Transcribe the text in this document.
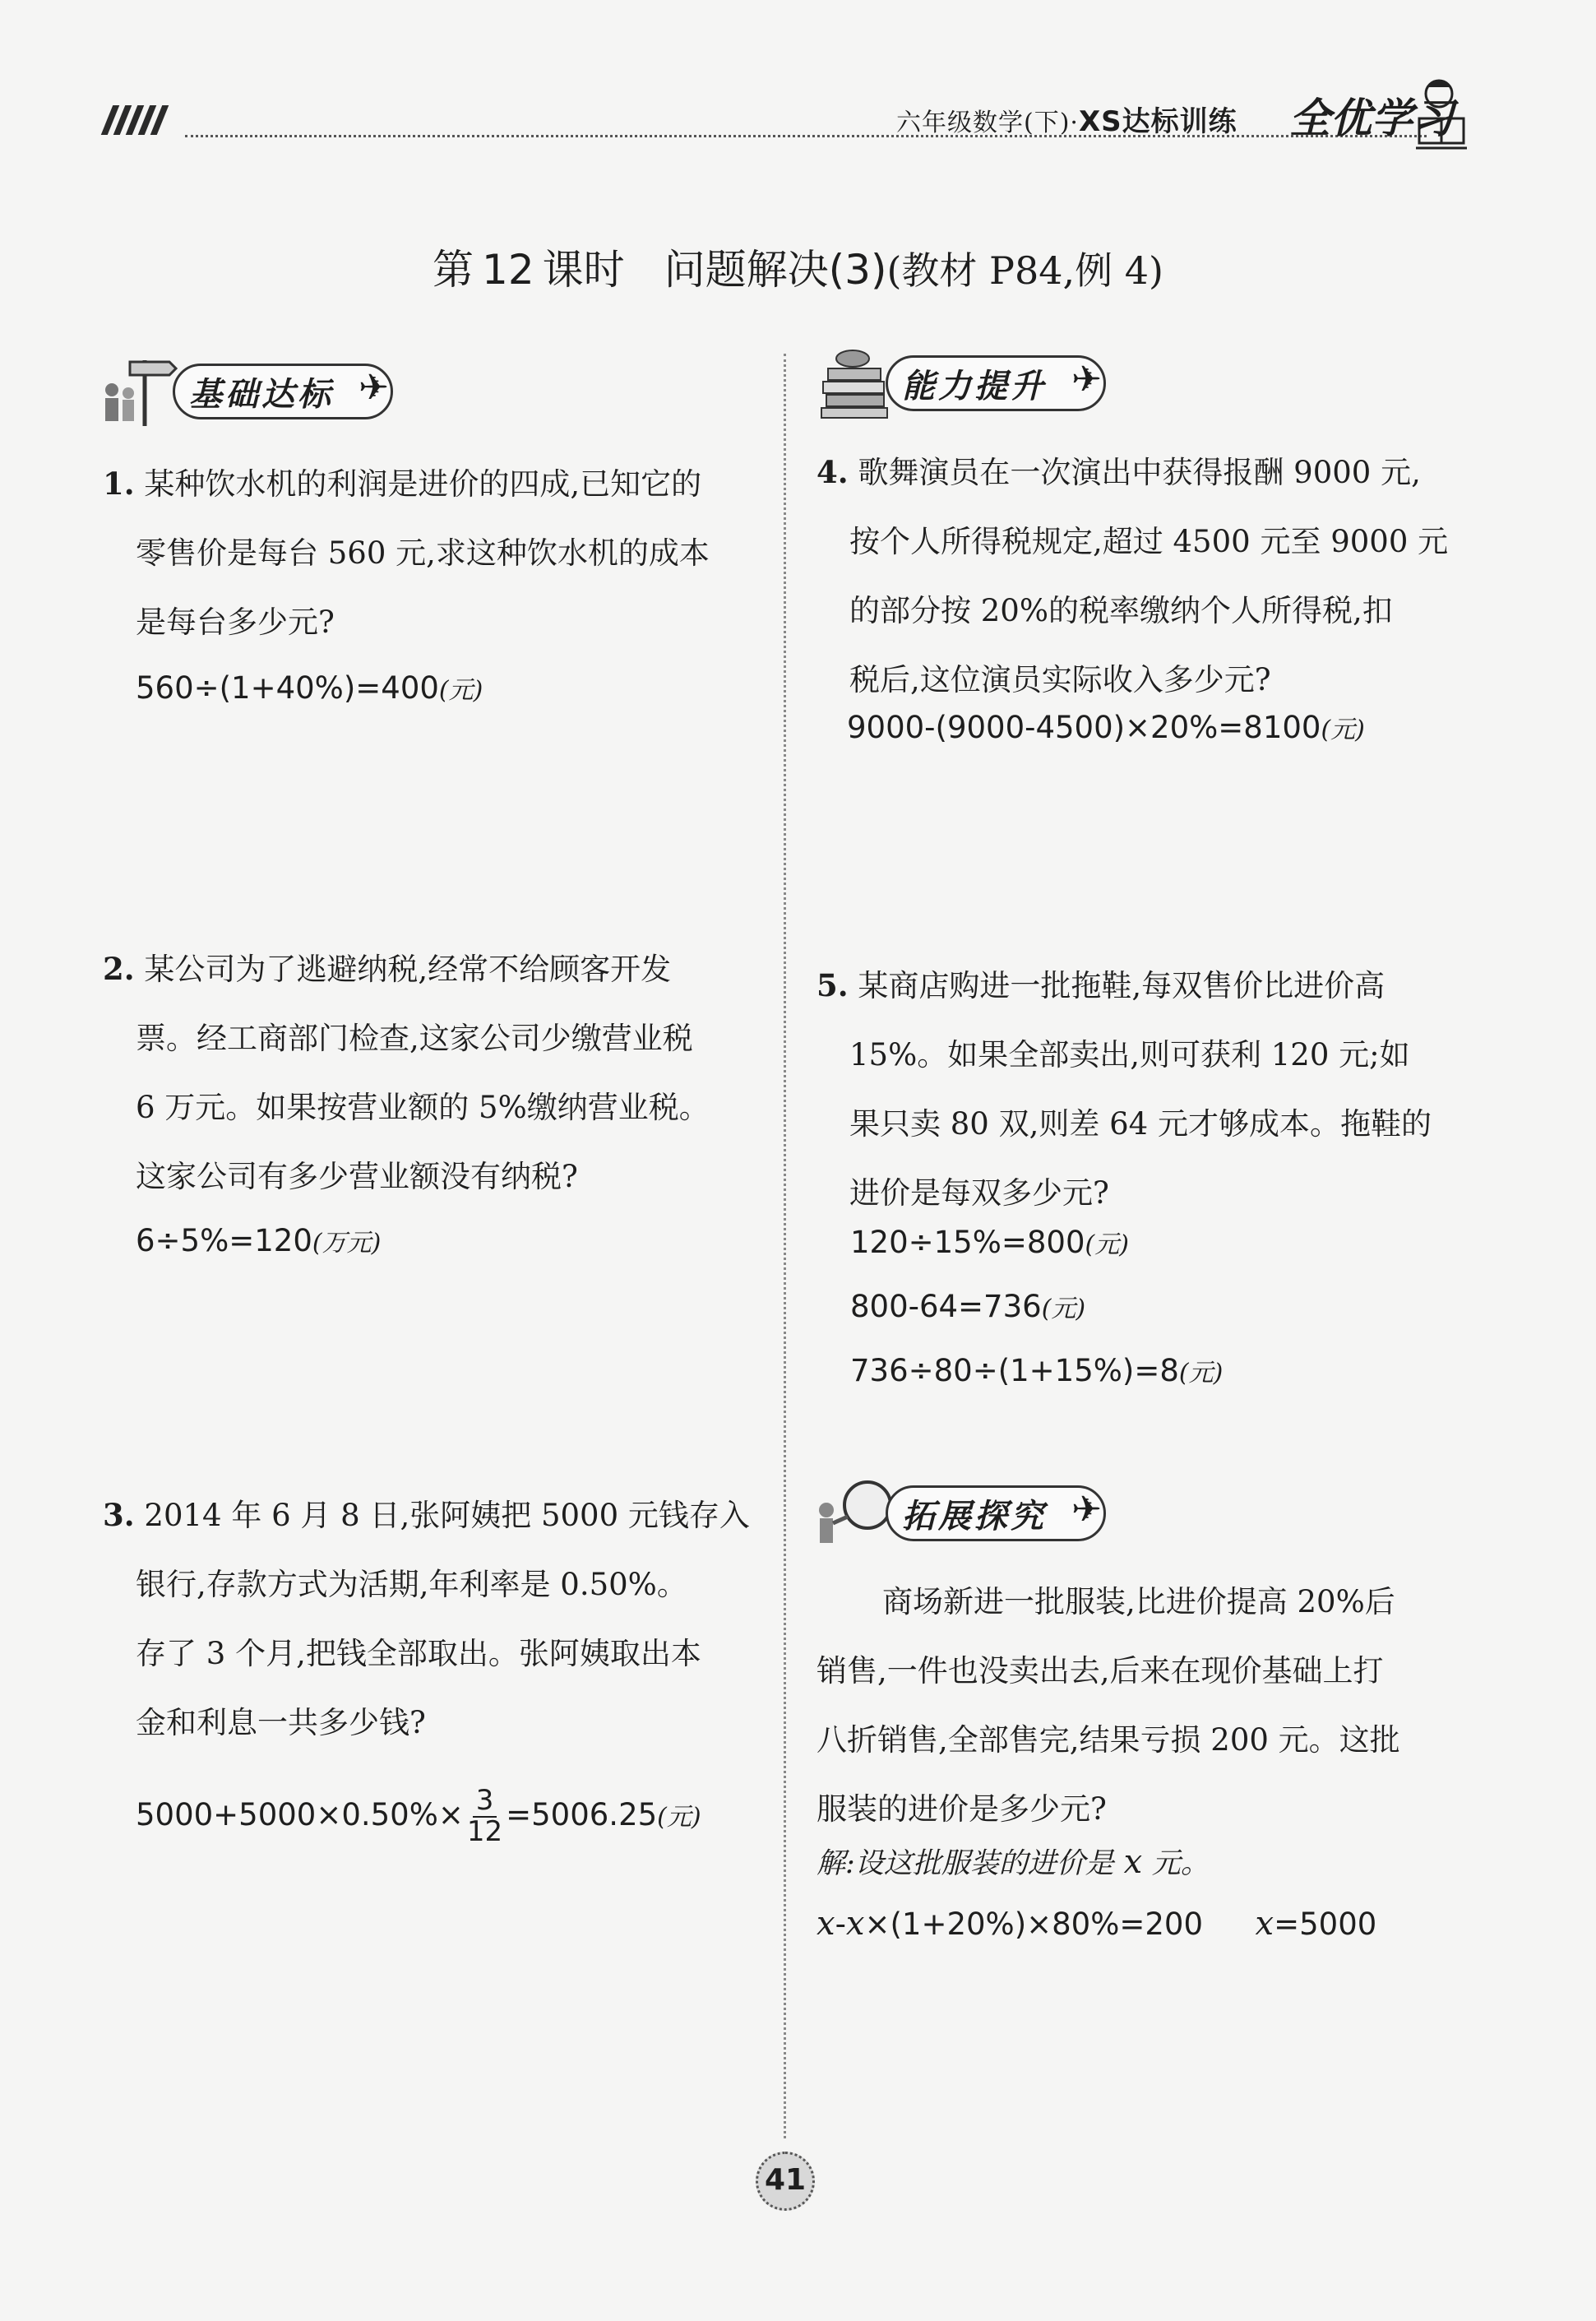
六年级数学(下)·XS达标训练 全优学习
第 12 课时 问题解决(3)(教材 P84,例 4)
基础达标 ✈	能力提升 ✈
拓展探究 ✈
1. 某种饮水机的利润是进价的四成,已知它的
零售价是每台 560 元,求这种饮水机的成本
是每台多少元?
560÷(1+40%)=400(元)
2. 某公司为了逃避纳税,经常不给顾客开发
票。经工商部门检查,这家公司少缴营业税
6 万元。如果按营业额的 5%缴纳营业税。
这家公司有多少营业额没有纳税?
6÷5%=120(万元)
3. 2014 年 6 月 8 日,张阿姨把 5000 元钱存入
银行,存款方式为活期,年利率是 0.50%。
存了 3 个月,把钱全部取出。张阿姨取出本
金和利息一共多少钱?
$5000+5000\times 0.50\%\times \frac{3}{12} =5006.25$(元)
4. 歌舞演员在一次演出中获得报酬 9000 元,
按个人所得税规定,超过 4500 元至 9000 元
的部分按 20%的税率缴纳个人所得税,扣
税后,这位演员实际收入多少元?
9000-(9000-4500)×20%=8100(元)
5. 某商店购进一批拖鞋,每双售价比进价高
15%。如果全部卖出,则可获利 120 元;如
果只卖 80 双,则差 64 元才够成本。拖鞋的
进价是每双多少元?
120÷15%=800(元)
800-64=736(元)
736÷80÷(1+15%)=8(元)
商场新进一批服装,比进价提高 20%后
销售,一件也没卖出去,后来在现价基础上打
八折销售,全部售完,结果亏损 200 元。这批
服装的进价是多少元?
解:设这批服装的进价是 x 元。
x-x×(1+20%)×80%=200 x=5000
41
